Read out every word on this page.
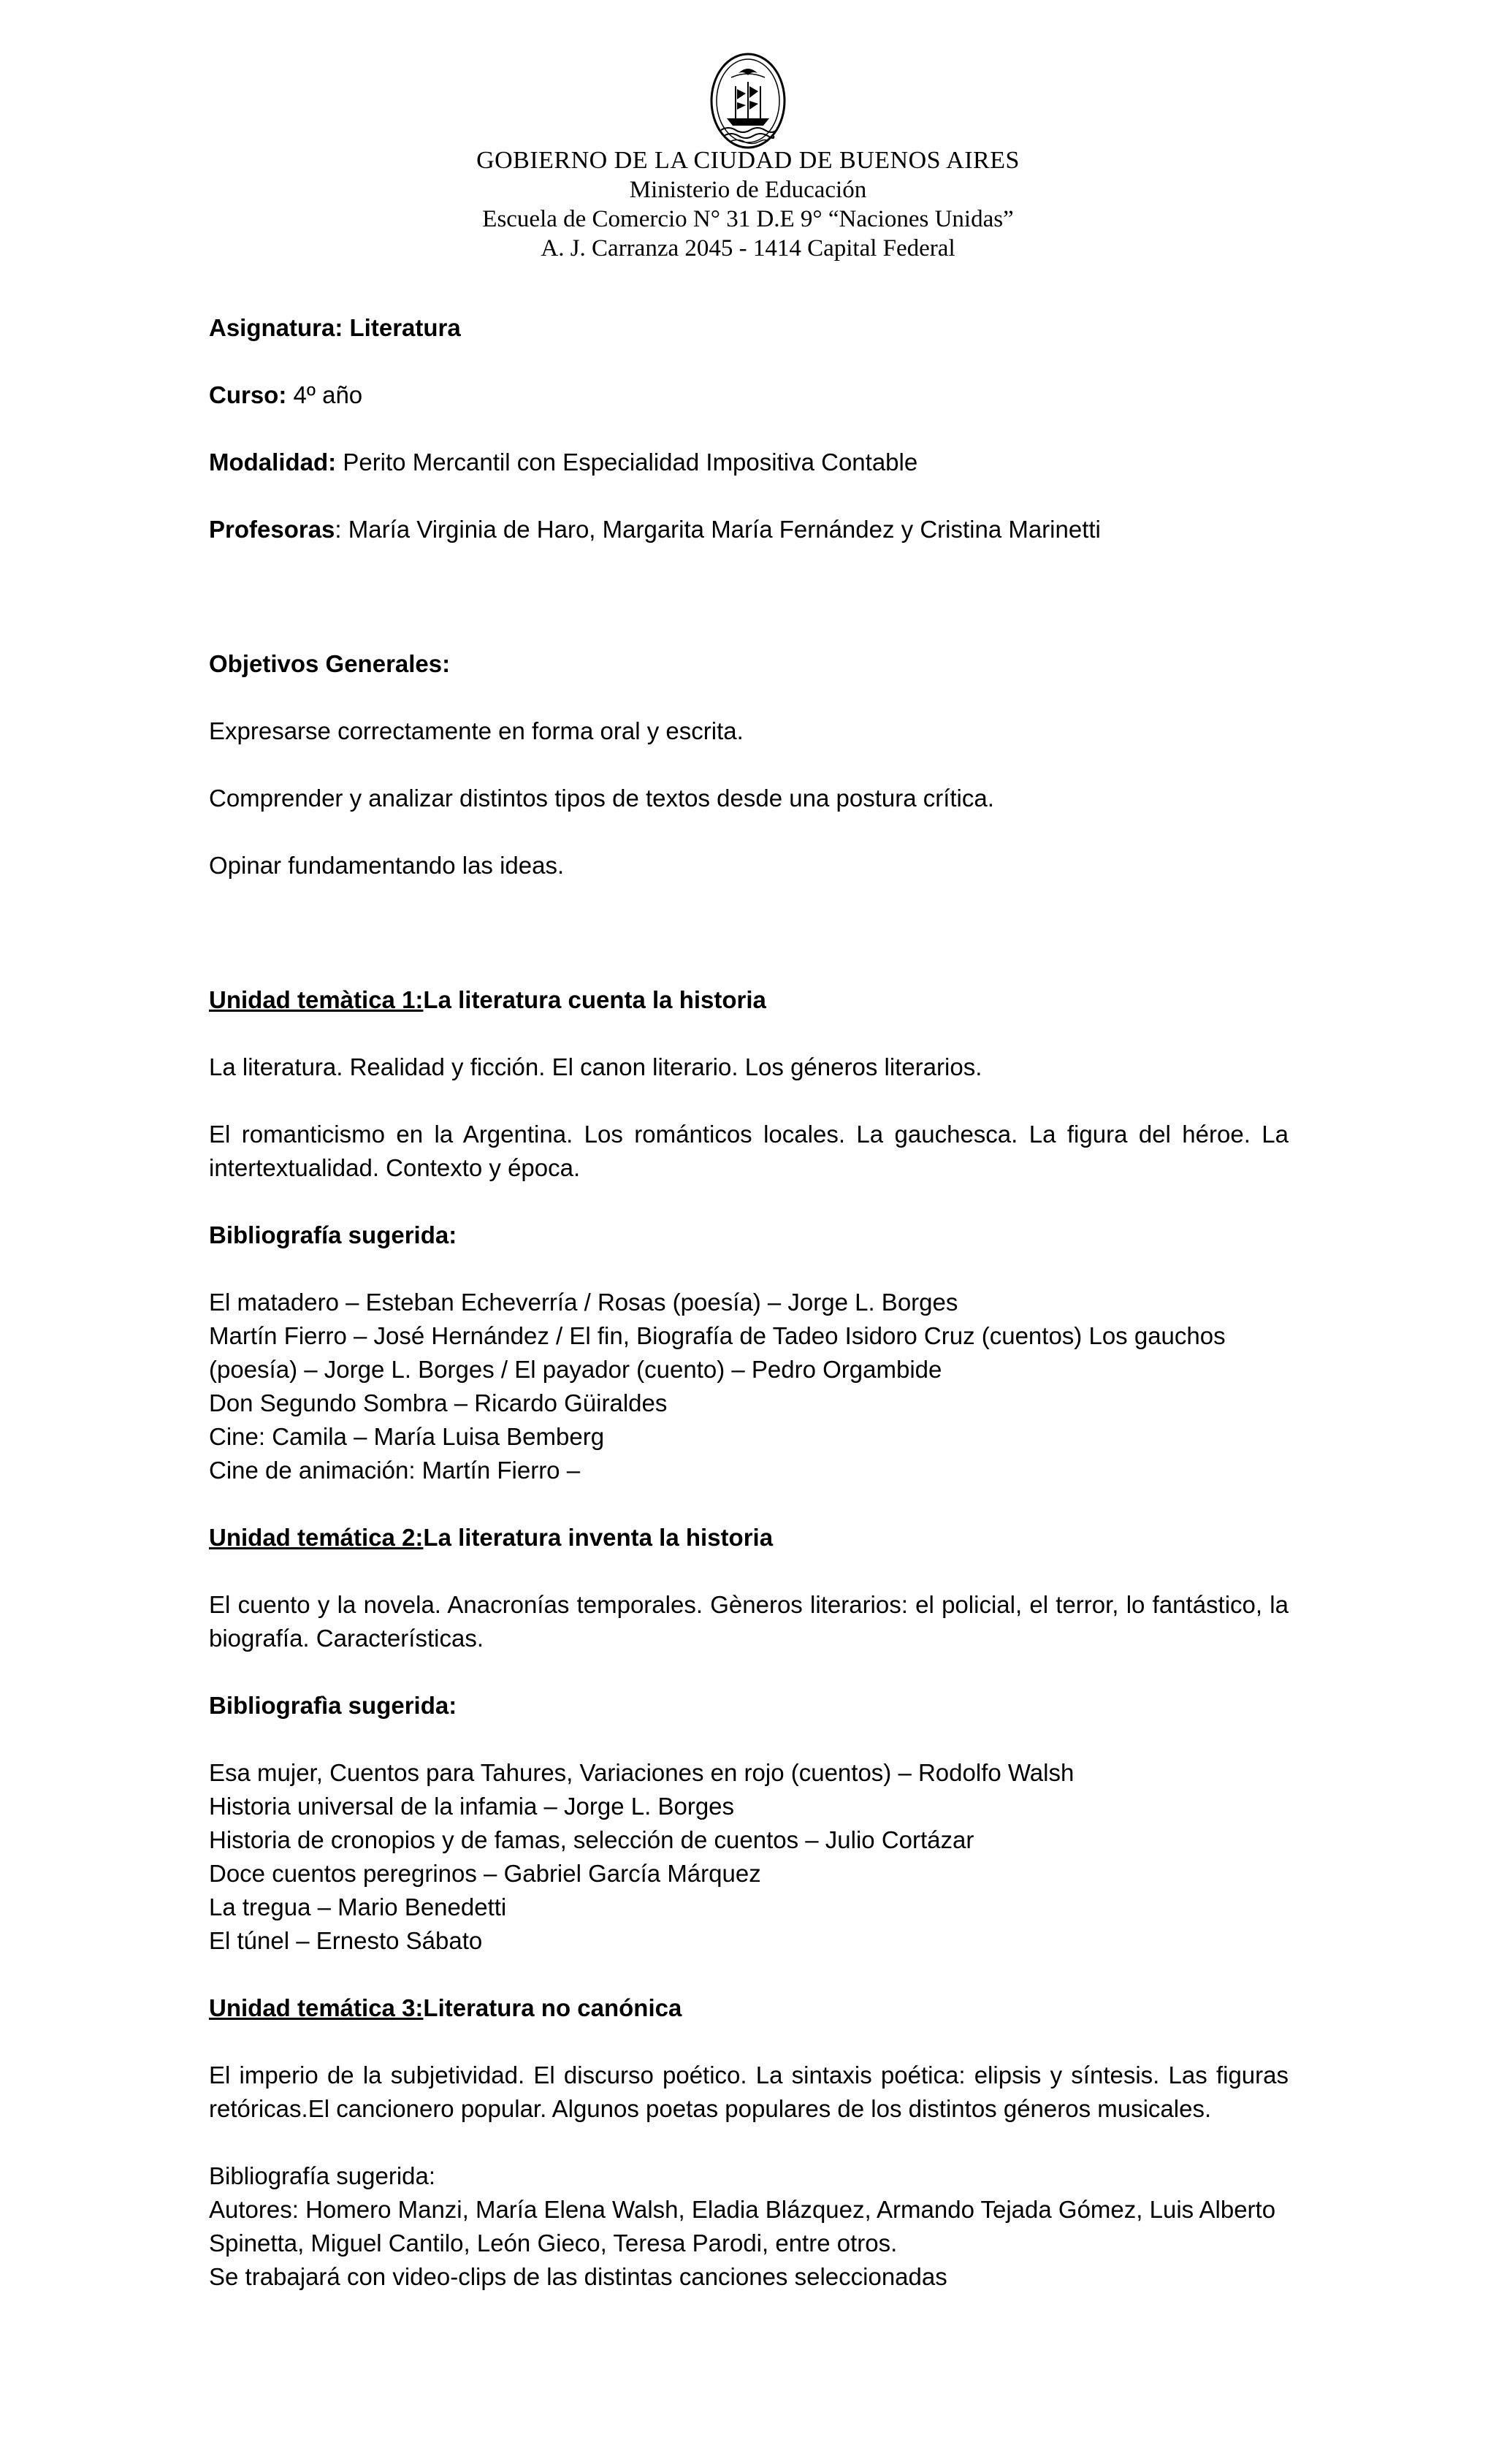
GOBIERNO DE LA CIUDAD DE BUENOS AIRES
Ministerio de Educación
Escuela de Comercio N° 31 D.E 9° “Naciones Unidas”
A. J. Carranza 2045 - 1414 Capital Federal

Asignatura: Literatura

Curso: 4º año

Modalidad: Perito Mercantil con Especialidad Impositiva Contable

Profesoras: María Virginia de Haro, Margarita María Fernández y Cristina Marinetti

Objetivos Generales:

Expresarse correctamente en forma oral y escrita.

Comprender y analizar distintos tipos de textos desde una postura crítica.

Opinar fundamentando las ideas.

Unidad temàtica 1:La literatura cuenta la historia

La literatura. Realidad y ficción. El canon literario. Los géneros literarios.

El romanticismo en la Argentina. Los románticos locales. La gauchesca. La figura del héroe. La intertextualidad. Contexto y época.

Bibliografía sugerida:

El matadero – Esteban Echeverría / Rosas (poesía) – Jorge L. Borges
Martín Fierro – José Hernández / El fin, Biografía de Tadeo Isidoro Cruz (cuentos) Los gauchos (poesía) – Jorge L. Borges / El payador (cuento) – Pedro Orgambide
Don Segundo Sombra – Ricardo Güiraldes
Cine: Camila – María Luisa Bemberg
Cine de animación: Martín Fierro –

Unidad temática 2:La literatura inventa la historia

El cuento y la novela. Anacronías temporales. Gèneros literarios: el policial, el terror, lo fantástico, la biografía. Características.

Bibliografìa sugerida:

Esa mujer, Cuentos para Tahures, Variaciones en rojo (cuentos) – Rodolfo Walsh
Historia universal de la infamia – Jorge L. Borges
Historia de cronopios y de famas, selección de cuentos – Julio Cortázar
Doce cuentos peregrinos – Gabriel García Márquez
La tregua – Mario Benedetti
El túnel – Ernesto Sábato

Unidad temática 3:Literatura no canónica

El imperio de la subjetividad. El discurso poético. La sintaxis poética: elipsis y síntesis. Las figuras retóricas.El cancionero popular. Algunos poetas populares de los distintos géneros musicales.

Bibliografía sugerida:

Autores: Homero Manzi, María Elena Walsh, Eladia Blázquez, Armando Tejada Gómez, Luis Alberto Spinetta, Miguel Cantilo, León Gieco, Teresa Parodi, entre otros.
Se trabajará con video-clips de las distintas canciones seleccionadas
